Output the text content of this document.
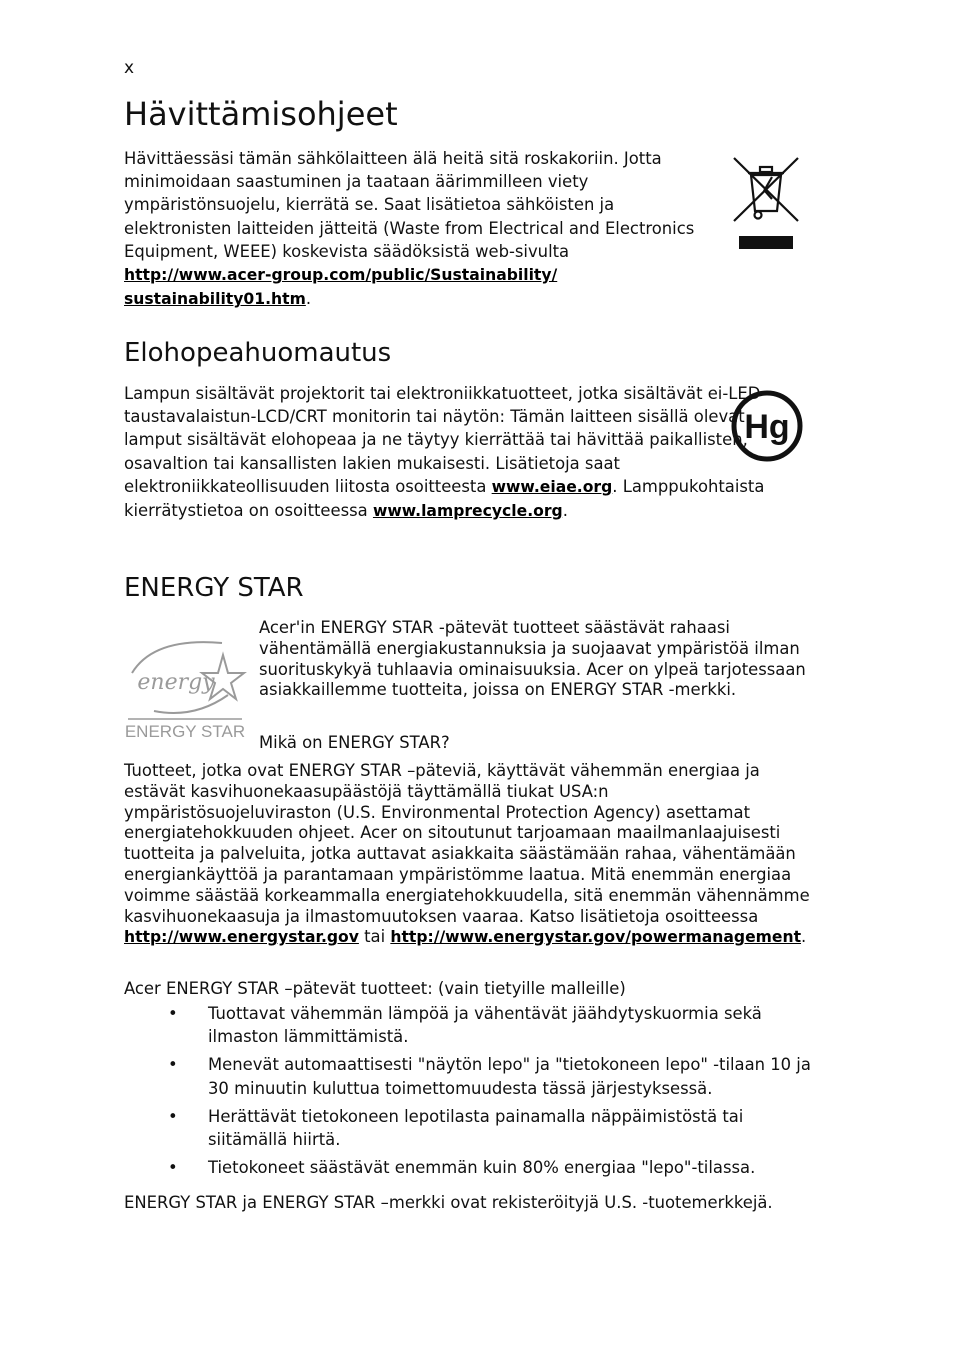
x
Hävittämisohjeet

Hävittäessäsi tämän sähkölaitteen älä heitä sitä roskakoriin. Jotta minimoidaan saastuminen ja taataan äärimmilleen viety ympäristönsuojelu, kierrätä se. Saat lisätietoa sähköisten ja elektronisten laitteiden jätteitä (Waste from Electrical and Electronics Equipment, WEEE) koskevista säädöksistä web-sivulta
http://www.acer-group.com/public/Sustainability/
sustainability01.htm.

Elohopeahuomautus

Lampun sisältävät projektorit tai elektroniikkatuotteet, jotka sisältävät ei-LED-taustavalaistun-LCD/CRT monitorin tai näytön: Tämän laitteen sisällä olevat lamput sisältävät elohopeaa ja ne täytyy kierrättää tai hävittää paikallisten, osavaltion tai kansallisten lakien mukaisesti. Lisätietoja saat elektroniikkateollisuuden liitosta osoitteesta www.eiae.org. Lamppukohtaista kierrätystietoa on osoitteessa www.lamprecycle.org.

Hg
ENERGY STAR
energy
ENERGY STAR

Acer'in ENERGY STAR -pätevät tuotteet säästävät rahaasi vähentämällä energiakustannuksia ja suojaavat ympäristöä ilman suorituskykyä tuhlaavia ominaisuuksia. Acer on ylpeä tarjotessaan asiakkaillemme tuotteita, joissa on ENERGY STAR -merkki.

Mikä on ENERGY STAR?

Tuotteet, jotka ovat ENERGY STAR –päteviä, käyttävät vähemmän energiaa ja estävät kasvihuonekaasupäästöjä täyttämällä tiukat USA:n ympäristösuojeluviraston (U.S. Environmental Protection Agency) asettamat energiatehokkuuden ohjeet. Acer on sitoutunut tarjoamaan maailmanlaajuisesti tuotteita ja palveluita, jotka auttavat asiakkaita säästämään rahaa, vähentämään energiankäyttöä ja parantamaan ympäristömme laatua. Mitä enemmän energiaa voimme säästää korkeammalla energiatehokkuudella, sitä enemmän vähennämme kasvihuonekaasuja ja ilmastomuutoksen vaaraa. Katso lisätietoja osoitteessa
http://www.energystar.gov tai http://www.energystar.gov/powermanagement.

Acer ENERGY STAR –pätevät tuotteet: (vain tietyille malleille)

• Tuottavat vähemmän lämpöä ja vähentävät jäähdytyskuormia sekä ilmaston lämmittämistä.
• Menevät automaattisesti "näytön lepo" ja "tietokoneen lepo" -tilaan 10 ja 30 minuutin kuluttua toimettomuudesta tässä järjestyksessä.
• Herättävät tietokoneen lepotilasta painamalla näppäimistöstä tai siitämällä hiirtä.
• Tietokoneet säästävät enemmän kuin 80% energiaa "lepo"-tilassa.

ENERGY STAR ja ENERGY STAR –merkki ovat rekisteröityjä U.S. -tuotemerkkejä.
